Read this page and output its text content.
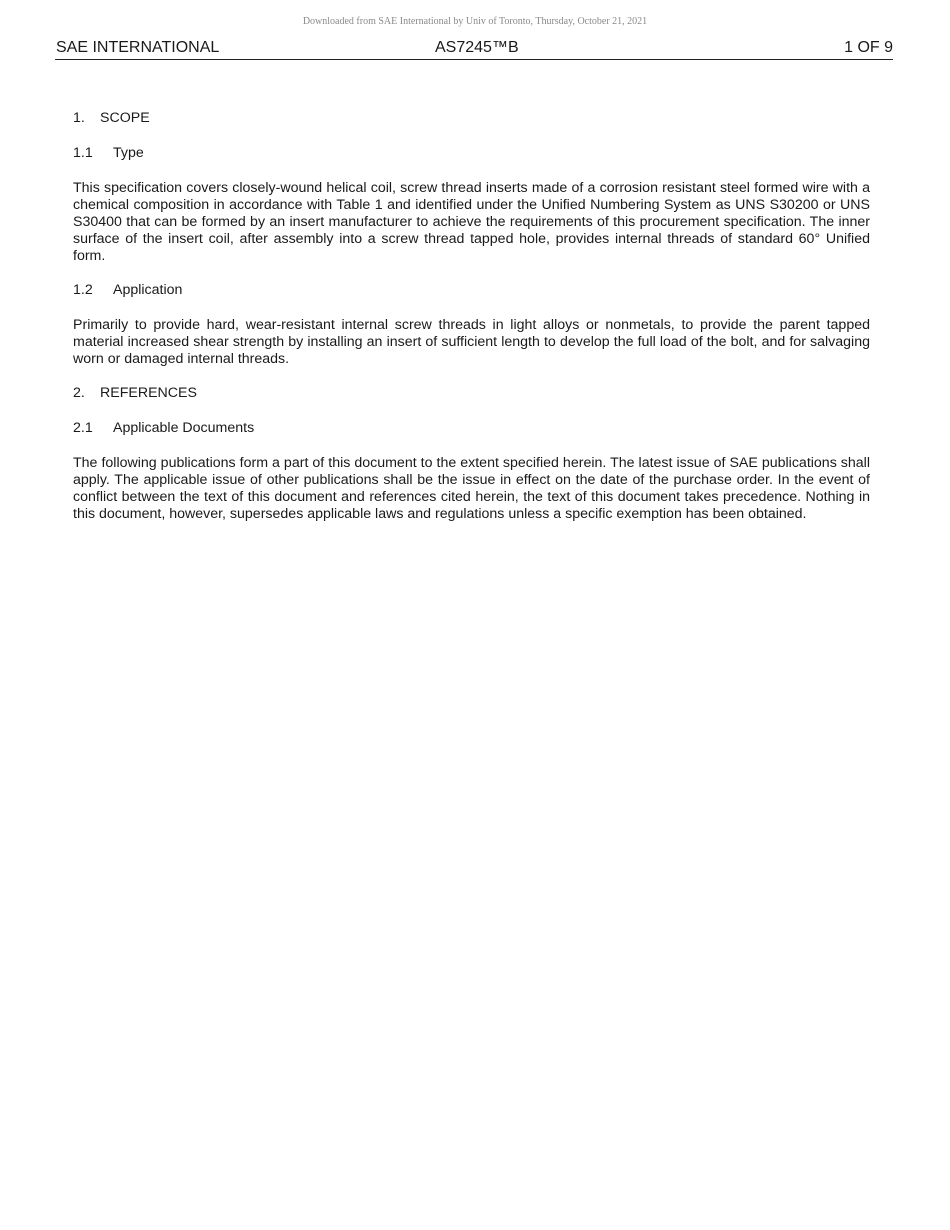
Downloaded from SAE International by Univ of Toronto, Thursday, October 21, 2021
SAE INTERNATIONAL	AS7245™B	1 OF 9
1. SCOPE
1.1 Type

This specification covers closely-wound helical coil, screw thread inserts made of a corrosion resistant steel formed wire with a chemical composition in accordance with Table 1 and identified under the Unified Numbering System as UNS S30200 or UNS S30400 that can be formed by an insert manufacturer to achieve the requirements of this procurement specification. The inner surface of the insert coil, after assembly into a screw thread tapped hole, provides internal threads of standard 60° Unified form.

1.2 Application

Primarily to provide hard, wear-resistant internal screw threads in light alloys or nonmetals, to provide the parent tapped material increased shear strength by installing an insert of sufficient length to develop the full load of the bolt, and for salvaging worn or damaged internal threads.

2. REFERENCES
2.1 Applicable Documents

The following publications form a part of this document to the extent specified herein. The latest issue of SAE publications shall apply. The applicable issue of other publications shall be the issue in effect on the date of the purchase order. In the event of conflict between the text of this document and references cited herein, the text of this document takes precedence. Nothing in this document, however, supersedes applicable laws and regulations unless a specific exemption has been obtained.
